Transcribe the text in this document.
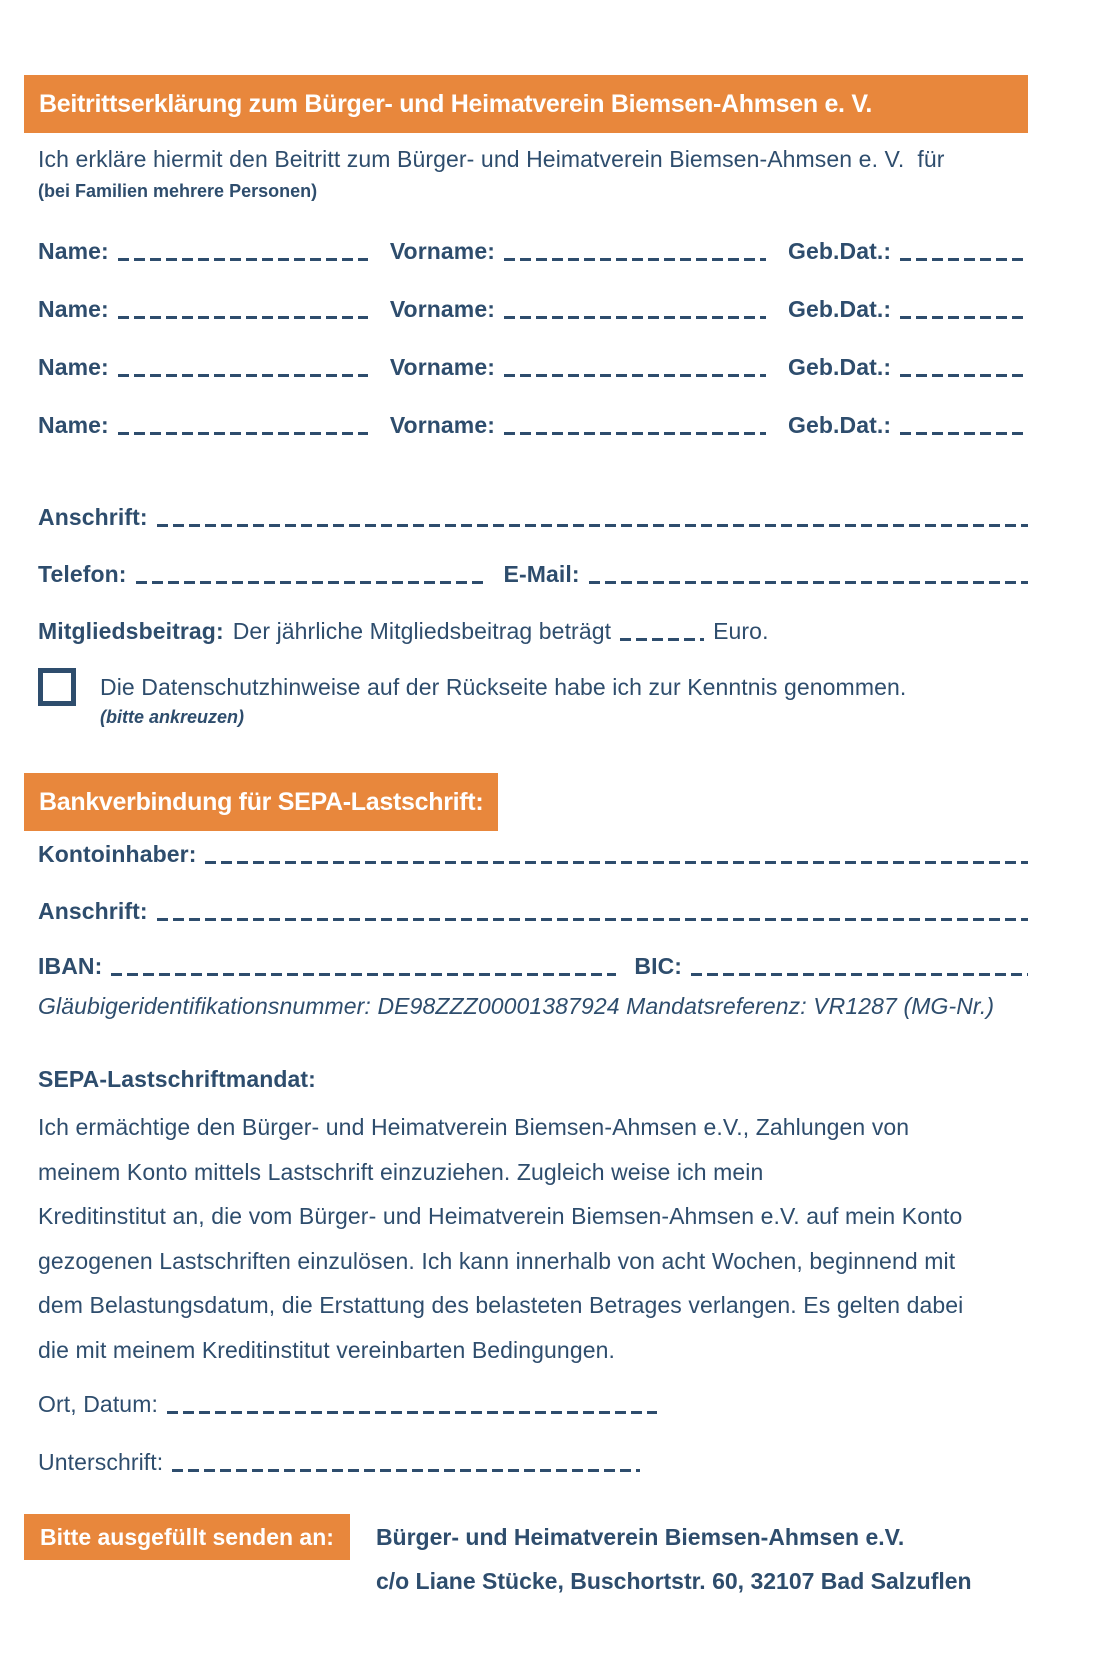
Beitrittserklärung zum Bürger- und Heimatverein Biemsen-Ahmsen e. V.
Ich erkläre hiermit den Beitritt zum Bürger- und Heimatverein Biemsen-Ahmsen e. V.  für
(bei Familien mehrere Personen)
Name:	Vorname:	Geb.Dat.:
Name:	Vorname:	Geb.Dat.:
Name:	Vorname:	Geb.Dat.:
Name:	Vorname:	Geb.Dat.:
Anschrift:
Telefon:	E-Mail:
Mitgliedsbeitrag: Der jährliche Mitgliedsbeitrag beträgt	Euro.
Die Datenschutzhinweise auf der Rückseite habe ich zur Kenntnis genommen.
(bitte ankreuzen)
Bankverbindung für SEPA-Lastschrift:
Kontoinhaber:
Anschrift:
IBAN:	BIC:
Gläubigeridentifikationsnummer: DE98ZZZ00001387924 Mandatsreferenz: VR1287 (MG-Nr.)
SEPA-Lastschriftmandat:
Ich ermächtige den Bürger- und Heimatverein Biemsen-Ahmsen e.V., Zahlungen von
meinem Konto mittels Lastschrift einzuziehen. Zugleich weise ich mein
Kreditinstitut an, die vom Bürger- und Heimatverein Biemsen-Ahmsen e.V. auf mein Konto
gezogenen Lastschriften einzulösen. Ich kann innerhalb von acht Wochen, beginnend mit
dem Belastungsdatum, die Erstattung des belasteten Betrages verlangen. Es gelten dabei
die mit meinem Kreditinstitut vereinbarten Bedingungen.
Ort, Datum:
Unterschrift:
Bitte ausgefüllt senden an:	Bürger- und Heimatverein Biemsen-Ahmsen e.V.
c/o Liane Stücke, Buschortstr. 60, 32107 Bad Salzuflen
